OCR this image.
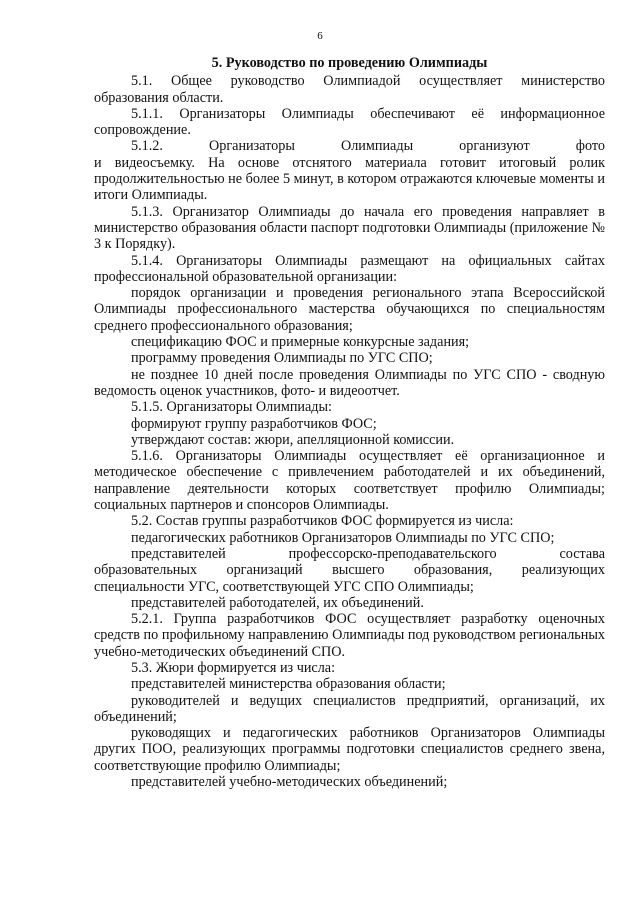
6
5. Руководство по проведению Олимпиады

5.1. Общее руководство Олимпиадой осуществляет министерство образования области.

5.1.1. Организаторы Олимпиады обеспечивают её информационное сопровождение.

5.1.2.	Организаторы	Олимпиады	организуют	фото

и видеосъемку. На основе отснятого материала готовит итоговый ролик продолжительностью не более 5 минут, в котором отражаются ключевые моменты и итоги Олимпиады.

5.1.3. Организатор Олимпиады до начала его проведения направляет в министерство образования области паспорт подготовки Олимпиады (приложение № 3 к Порядку).

5.1.4. Организаторы Олимпиады размещают на официальных сайтах профессиональной образовательной организации:

порядок организации и проведения регионального этапа Всероссийской Олимпиады профессионального мастерства обучающихся по специальностям среднего профессионального образования;

спецификацию ФОС и примерные конкурсные задания;

программу проведения Олимпиады по УГС СПО;

не позднее 10 дней после проведения Олимпиады по УГС СПО - сводную ведомость оценок участников, фото- и видеоотчет.

5.1.5. Организаторы Олимпиады:

формируют группу разработчиков ФОС;

утверждают состав: жюри, апелляционной комиссии.

5.1.6. Организаторы Олимпиады осуществляет её организационное и методическое обеспечение с привлечением работодателей и их объединений, направление деятельности которых соответствует профилю Олимпиады; социальных партнеров и спонсоров Олимпиады.

5.2. Состав группы разработчиков ФОС формируется из числа:

педагогических работников Организаторов Олимпиады по УГС СПО;

представителей	профессорско-преподавательского	состава
образовательных организаций высшего образования, реализующих

специальности УГС, соответствующей УГС СПО Олимпиады;

представителей работодателей, их объединений.

5.2.1. Группа разработчиков ФОС осуществляет разработку оценочных средств по профильному направлению Олимпиады под руководством региональных учебно-методических объединений СПО.

5.3. Жюри формируется из числа:

представителей министерства образования области;

руководителей и ведущих специалистов предприятий, организаций, их объединений;

руководящих и педагогических работников Организаторов Олимпиады других ПОО, реализующих программы подготовки специалистов среднего звена, соответствующие профилю Олимпиады;

представителей учебно-методических объединений;
